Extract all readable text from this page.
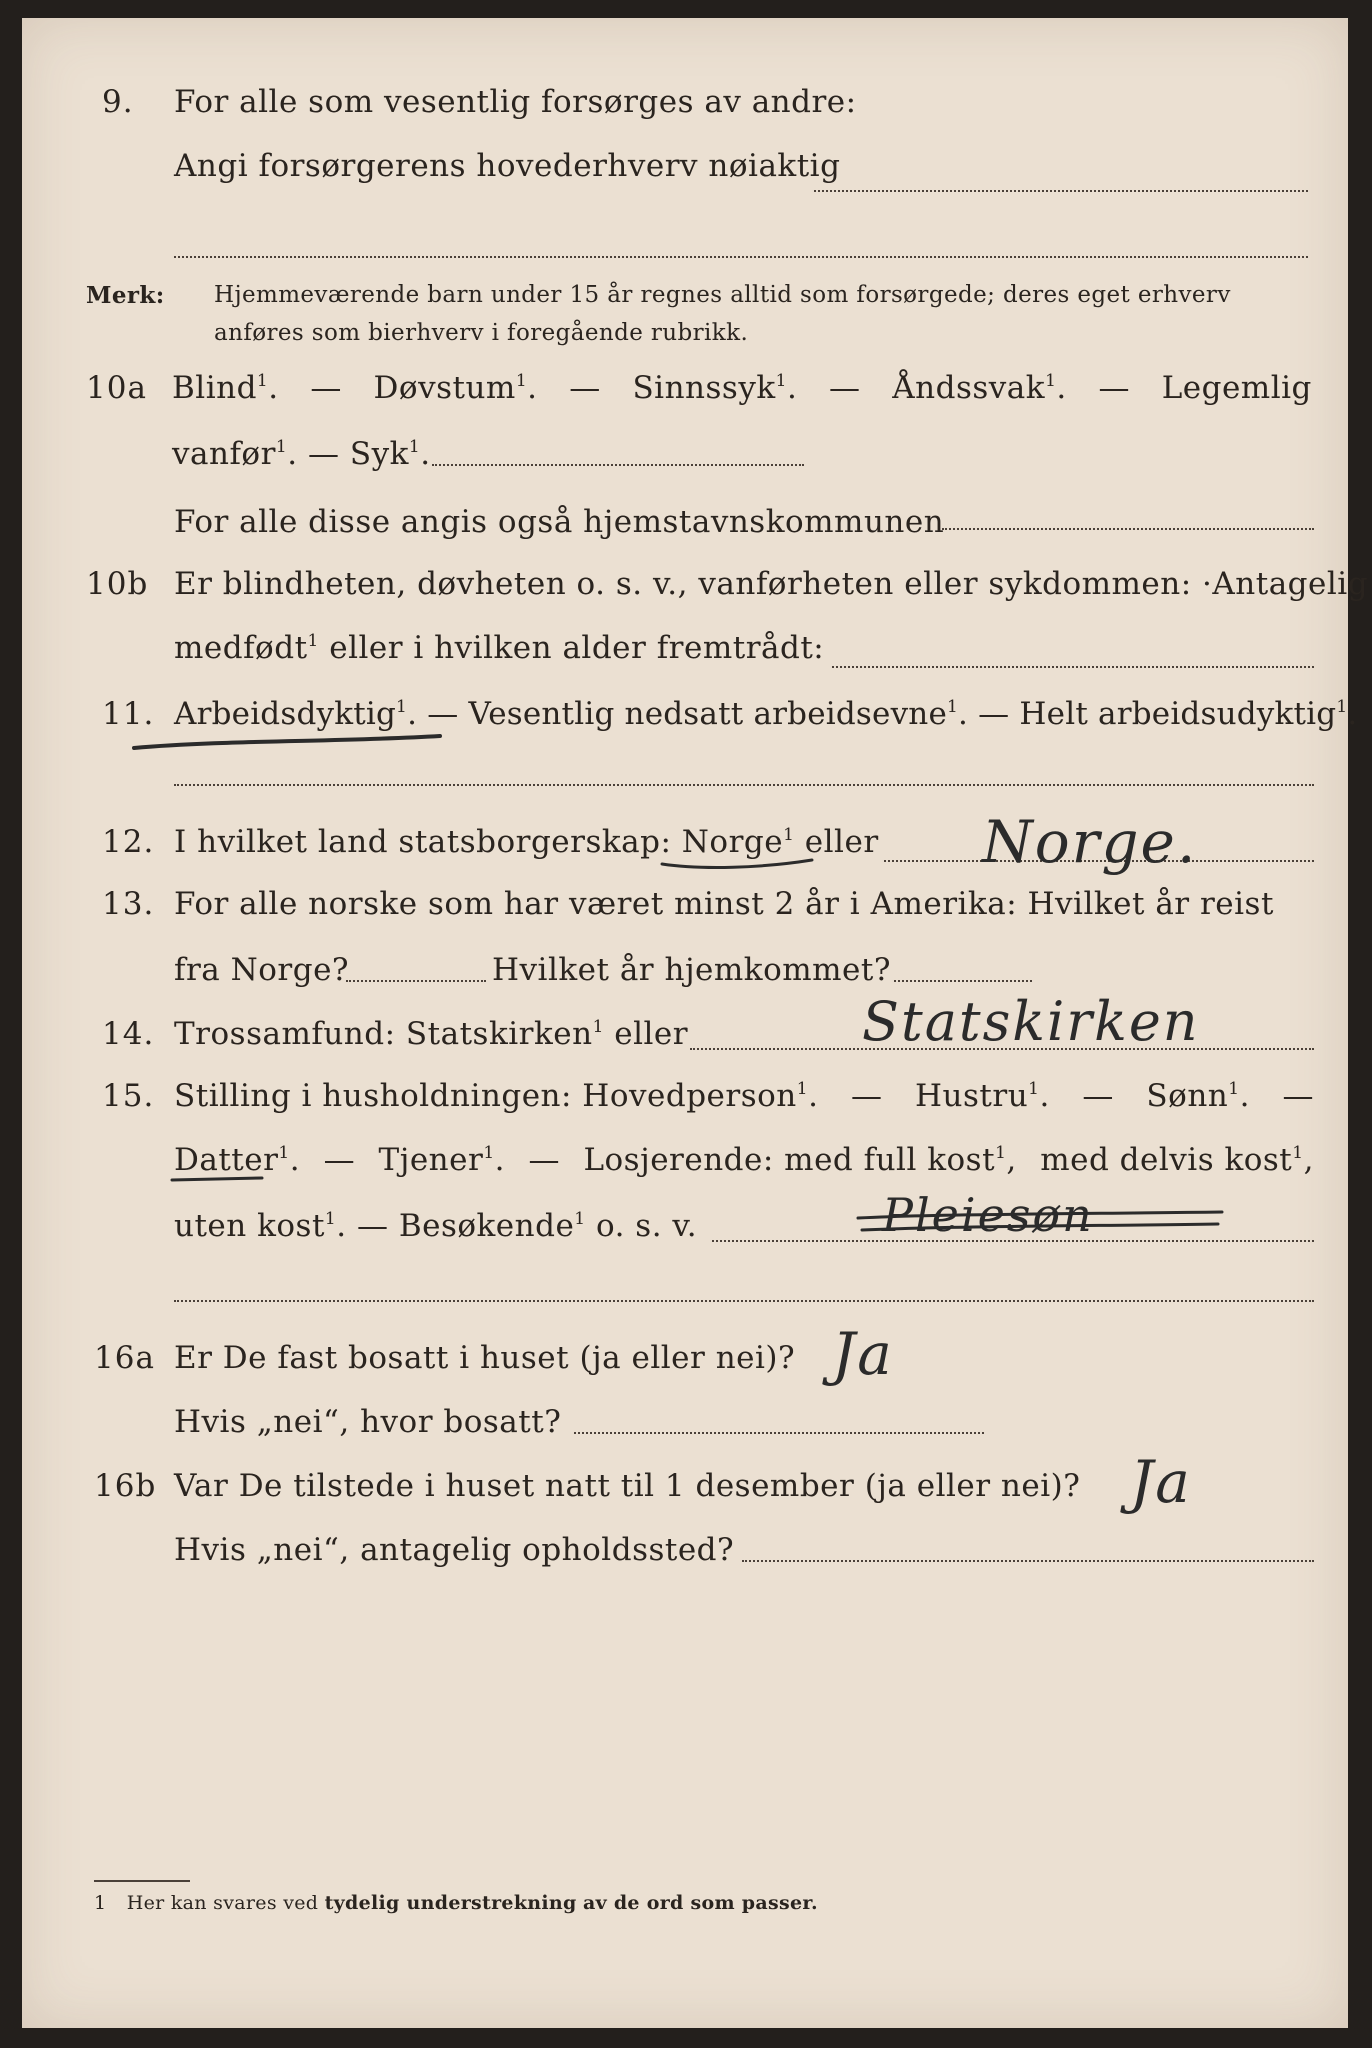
9. For alle som vesentlig forsørges av andre:
Angi forsørgerens hovederhverv nøiaktig
Merk: Hjemmeværende barn under 15 år regnes alltid som forsørgede; deres eget erhverv
anføres som bierhverv i foregående rubrikk.
10a Blind$^1$. — Døvstum$^1$. — Sinnssyk$^1$. — Åndssvak$^1$. — Legemlig
vanfør$^1$. — Syk$^1$.
For alle disse angis også hjemstavnskommunen
10b Er blindheten, døvheten o. s. v., vanførheten eller sykdommen: ·Antagelig
medfødt$^1$ eller i hvilken alder fremtrådt:
11. Arbeidsdyktig$^1$. — Vesentlig nedsatt arbeidsevne$^1$. — Helt arbeidsudyktig$^1$.
12. I hvilket land statsborgerskap: Norge$^1$ eller Norge.
13. For alle norske som har været minst 2 år i Amerika: Hvilket år reist
fra Norge?	Hvilket år hjemkommet?
14. Trossamfund: Statskirken$^1$ eller	Statskirken
15. Stilling i husholdningen: Hovedperson$^1$. — Hustru$^1$. — Sønn$^1$. —
Datter$^1$. — Tjener$^1$. — Losjerende: med full kost$^1$, med delvis kost$^1$,
uten kost$^1$. — Besøkende$^1$ o. s. v.	Pleiesøn
16a Er De fast bosatt i huset (ja eller nei)? Ja
Hvis „nei“, hvor bosatt?
16b Var De tilstede i huset natt til 1 desember (ja eller nei)? Ja
Hvis „nei“, antagelig opholdssted?
1 Her kan svares ved tydelig understrekning av de ord som passer.
